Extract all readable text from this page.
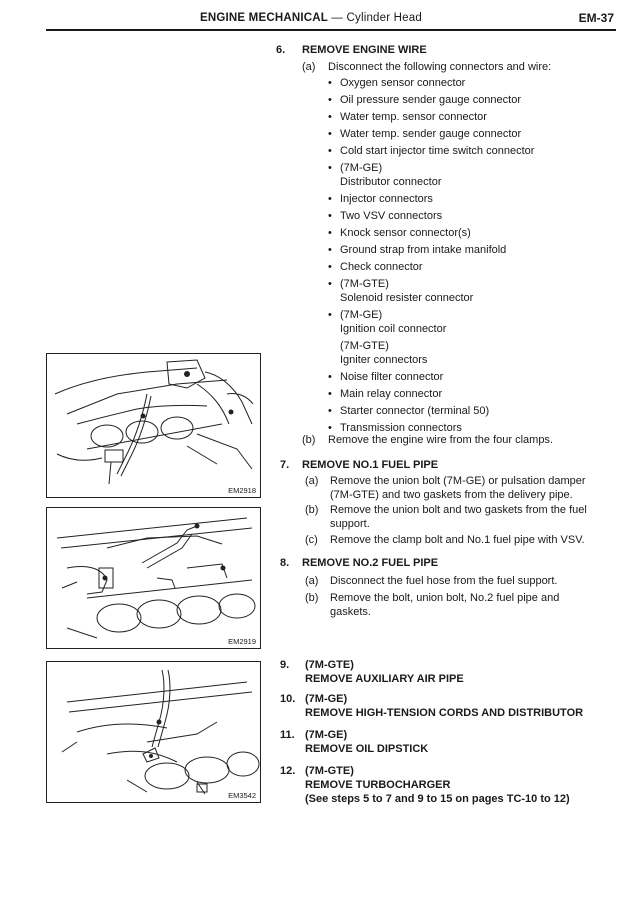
ENGINE MECHANICAL — Cylinder Head	EM-37
6. REMOVE ENGINE WIRE
(a) Disconnect the following connectors and wire:
• Oxygen sensor connector
• Oil pressure sender gauge connector
• Water temp. sensor connector
• Water temp. sender gauge connector
• Cold start injector time switch connector
• (7M-GE)
Distributor connector
• Injector connectors
• Two VSV connectors
• Knock sensor connector(s)
• Ground strap from intake manifold
• Check connector
• (7M-GTE)
Solenoid resister connector
• (7M-GE)
Ignition coil connector
(7M-GTE)
Igniter connectors
• Noise filter connector
• Main relay connector
• Starter connector (terminal 50)
• Transmission connectors
(b) Remove the engine wire from the four clamps.
7. REMOVE NO.1 FUEL PIPE
(a) Remove the union bolt (7M-GE) or pulsation damper
(7M-GTE) and two gaskets from the delivery pipe.
(b) Remove the union bolt and two gaskets from the fuel
support.
(c) Remove the clamp bolt and No.1 fuel pipe with VSV.
8. REMOVE NO.2 FUEL PIPE
(a) Disconnect the fuel hose from the fuel support.
(b) Remove the bolt, union bolt, No.2 fuel pipe and
gaskets.
9. (7M-GTE)
REMOVE AUXILIARY AIR PIPE
10. (7M-GE)
REMOVE HIGH-TENSION CORDS AND DISTRIBUTOR
11. (7M-GE)
REMOVE OIL DIPSTICK
12. (7M-GTE)
REMOVE TURBOCHARGER
(See steps 5 to 7 and 9 to 15 on pages TC-10 to 12)
EM2918
EM2919
EM3542
